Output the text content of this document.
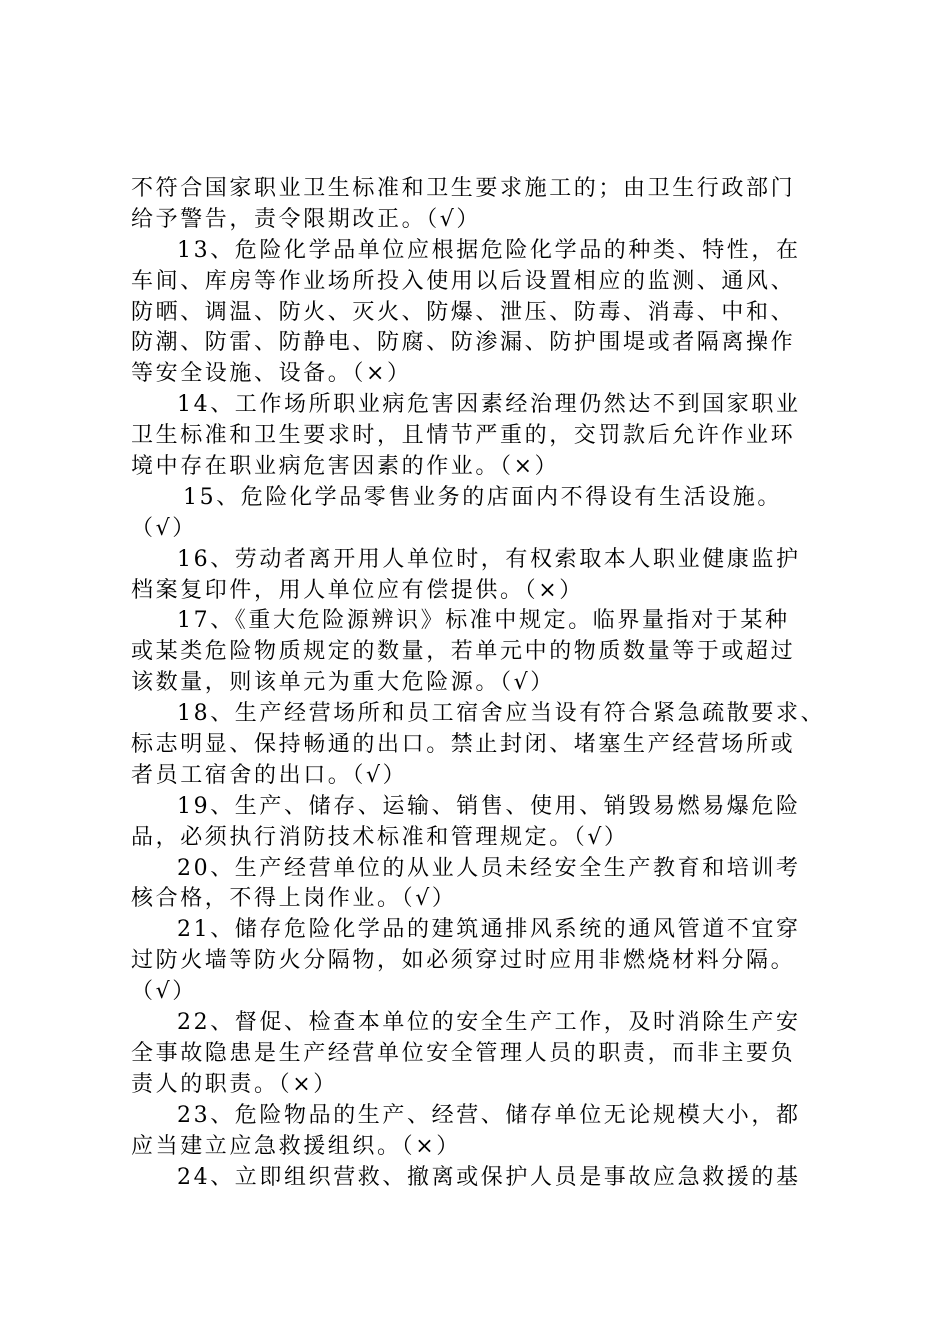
不符合国家职业卫生标准和卫生要求施工的；由卫生行政部门
给予警告，责令限期改正。（√）
13、危险化学品单位应根据危险化学品的种类、特性，在
车间、库房等作业场所投入使用以后设置相应的监测、通风、
防晒、调温、防火、灭火、防爆、泄压、防毒、消毒、中和、
防潮、防雷、防静电、防腐、防渗漏、防护围堤或者隔离操作
等安全设施、设备。（×）
14、工作场所职业病危害因素经治理仍然达不到国家职业
卫生标准和卫生要求时，且情节严重的，交罚款后允许作业环
境中存在职业病危害因素的作业。（×）
15、危险化学品零售业务的店面内不得设有生活设施。
（√）
16、劳动者离开用人单位时，有权索取本人职业健康监护
档案复印件，用人单位应有偿提供。（×）
17、《重大危险源辨识》标准中规定。临界量指对于某种
或某类危险物质规定的数量，若单元中的物质数量等于或超过
该数量，则该单元为重大危险源。（√）
18、生产经营场所和员工宿舍应当设有符合紧急疏散要求、
标志明显、保持畅通的出口。禁止封闭、堵塞生产经营场所或
者员工宿舍的出口。（√）
19、生产、储存、运输、销售、使用、销毁易燃易爆危险
品，必须执行消防技术标准和管理规定。（√）
20、生产经营单位的从业人员未经安全生产教育和培训考
核合格，不得上岗作业。（√）
21、储存危险化学品的建筑通排风系统的通风管道不宜穿
过防火墙等防火分隔物，如必须穿过时应用非燃烧材料分隔。
（√）
22、督促、检查本单位的安全生产工作，及时消除生产安
全事故隐患是生产经营单位安全管理人员的职责，而非主要负
责人的职责。（×）
23、危险物品的生产、经营、储存单位无论规模大小，都
应当建立应急救援组织。（×）
24、立即组织营救、撤离或保护人员是事故应急救援的基
